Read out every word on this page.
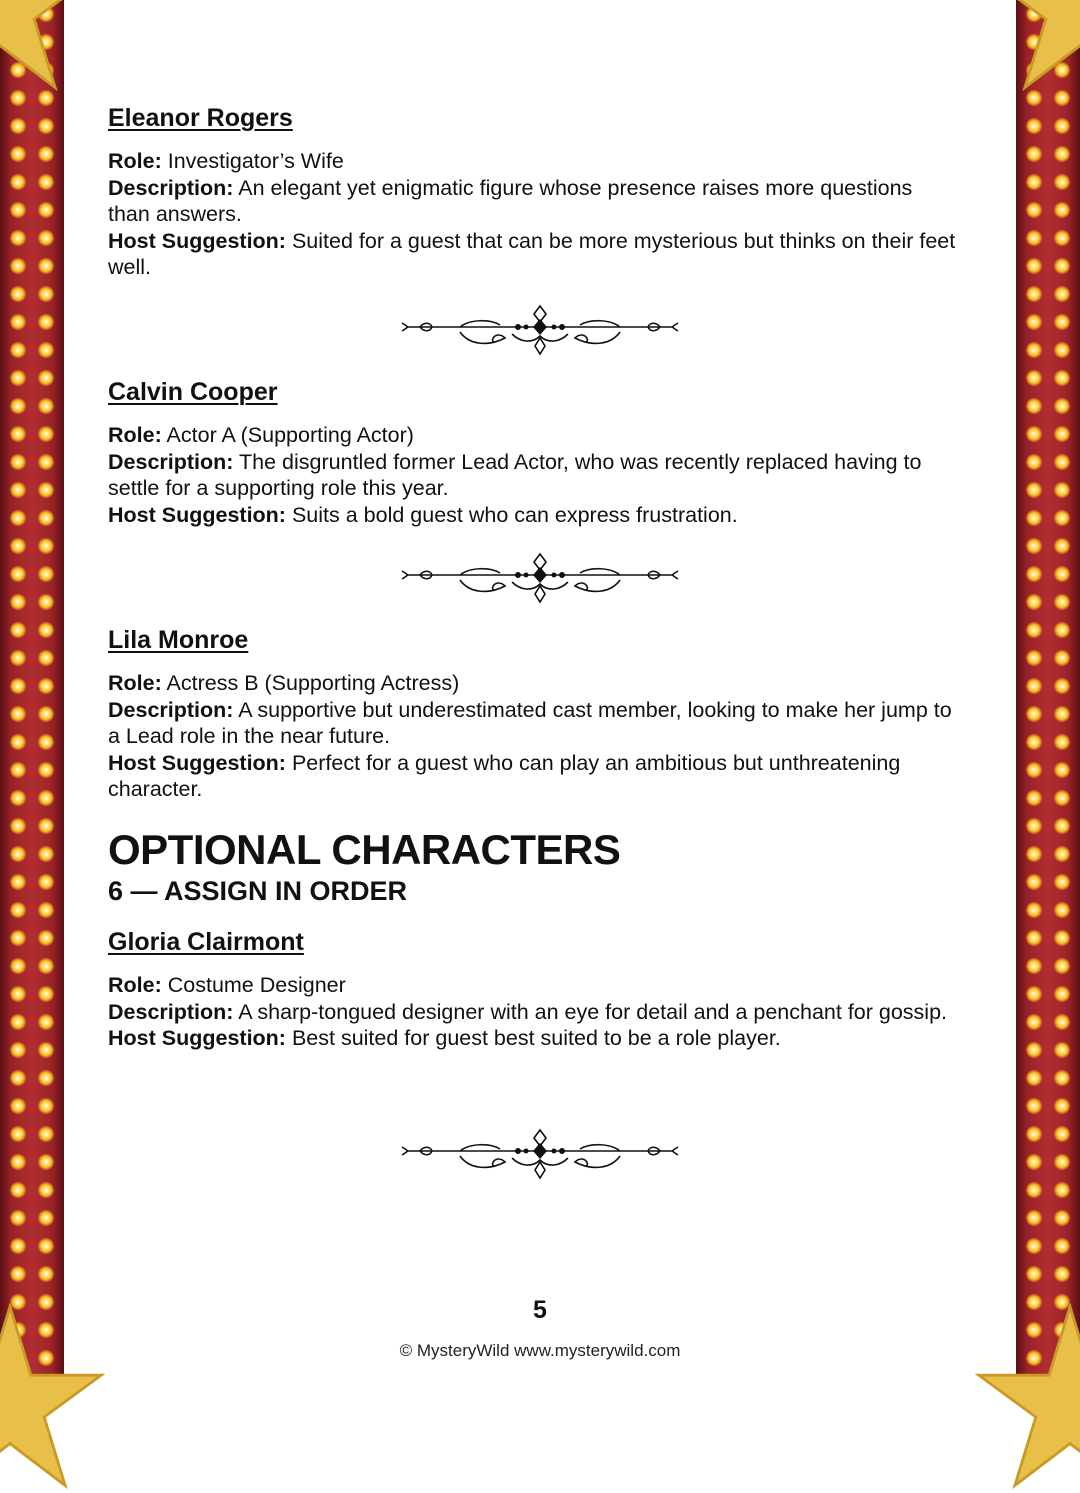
Eleanor Rogers

Role: Investigator’s Wife

Description: An elegant yet enigmatic figure whose presence raises more questions than answers.

Host Suggestion: Suited for a guest that can be more mysterious but thinks on their feet well.

Calvin Cooper

Role: Actor A (Supporting Actor)

Description: The disgruntled former Lead Actor, who was recently replaced having to settle for a supporting role this year.

Host Suggestion: Suits a bold guest who can express frustration.

Lila Monroe

Role: Actress B (Supporting Actress)

Description: A supportive but underestimated cast member, looking to make her jump to a Lead role in the near future.

Host Suggestion: Perfect for a guest who can play an ambitious but unthreatening character.

OPTIONAL CHARACTERS
6 — ASSIGN IN ORDER
Gloria Clairmont

Role: Costume Designer

Description: A sharp-tongued designer with an eye for detail and a penchant for gossip.

Host Suggestion: Best suited for guest best suited to be a role player.

5
© MysteryWild www.mysterywild.com
